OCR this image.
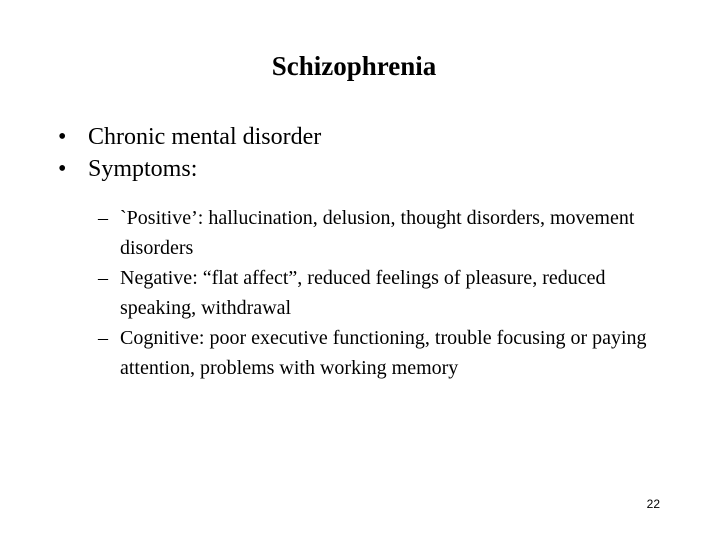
Schizophrenia
• Chronic mental disorder
• Symptoms:
– `Positive’: hallucination, delusion, thought disorders, movement disorders
– Negative: “flat affect”, reduced feelings of pleasure, reduced speaking, withdrawal
– Cognitive: poor executive functioning, trouble focusing or paying attention, problems with working memory
22
